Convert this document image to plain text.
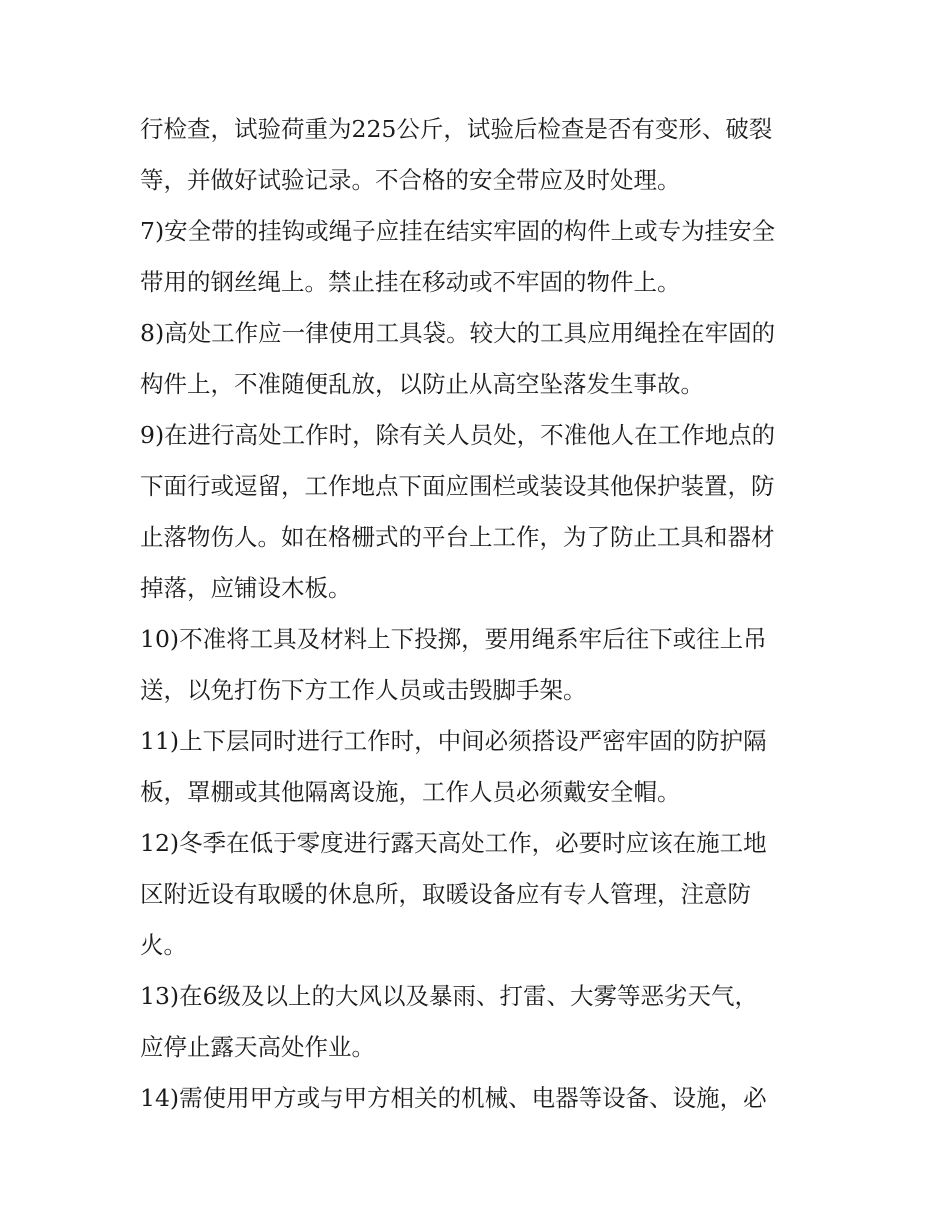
行检查，试验荷重为225公斤，试验后检查是否有变形、破裂
等，并做好试验记录。不合格的安全带应及时处理。
7)安全带的挂钩或绳子应挂在结实牢固的构件上或专为挂安全
带用的钢丝绳上。禁止挂在移动或不牢固的物件上。
8)高处工作应一律使用工具袋。较大的工具应用绳拴在牢固的
构件上，不准随便乱放，以防止从高空坠落发生事故。
9)在进行高处工作时，除有关人员处，不准他人在工作地点的
下面行或逗留，工作地点下面应围栏或装设其他保护装置，防
止落物伤人。如在格栅式的平台上工作，为了防止工具和器材
掉落，应铺设木板。
10)不准将工具及材料上下投掷，要用绳系牢后往下或往上吊
送，以免打伤下方工作人员或击毁脚手架。
11)上下层同时进行工作时，中间必须搭设严密牢固的防护隔
板，罩棚或其他隔离设施，工作人员必须戴安全帽。
12)冬季在低于零度进行露天高处工作，必要时应该在施工地
区附近设有取暖的休息所，取暖设备应有专人管理，注意防
火。
13)在6级及以上的大风以及暴雨、打雷、大雾等恶劣天气，
应停止露天高处作业。
14)需使用甲方或与甲方相关的机械、电器等设备、设施，必
